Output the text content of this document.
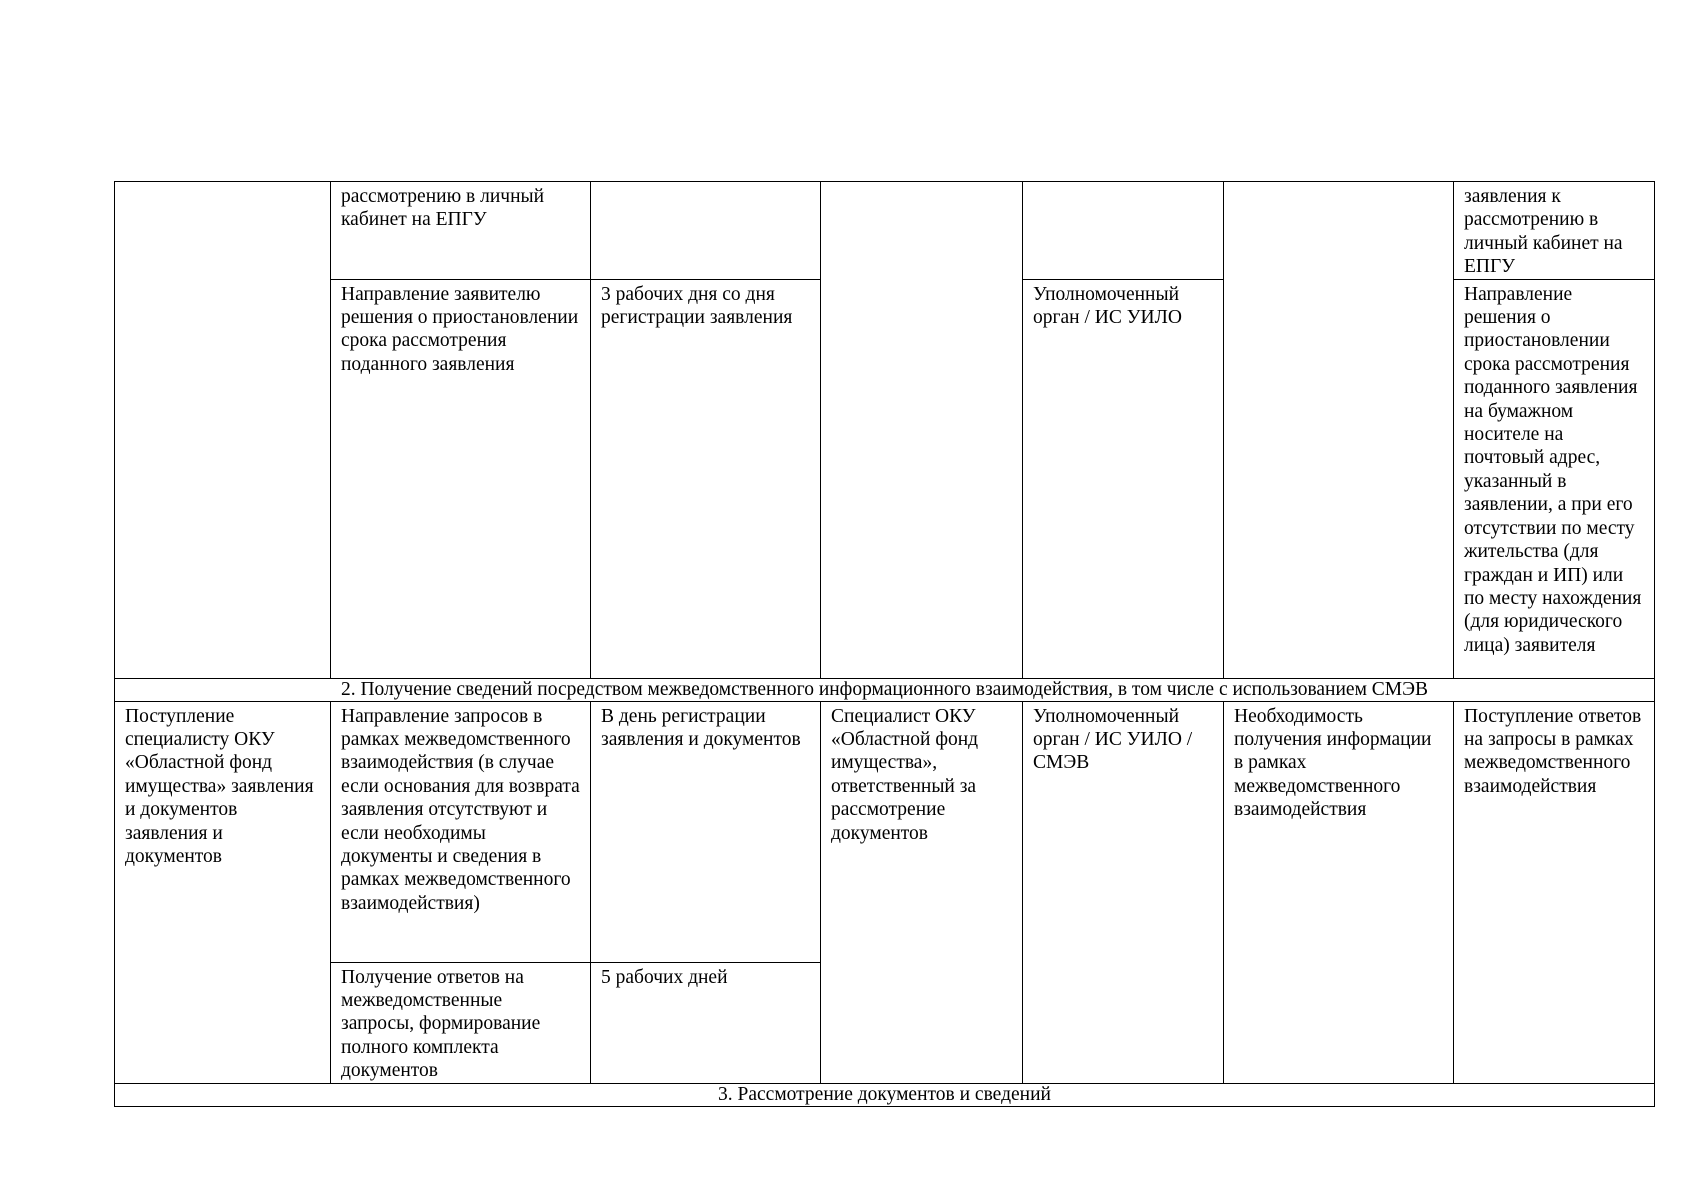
	рассмотрению в личный кабинет на ЕПГУ					заявления к рассмотрению в личный кабинет на ЕПГУ

	Направление заявителю решения о приостановлении срока рассмотрения поданного заявления	3 рабочих дня со дня регистрации заявления		Уполномоченный орган / ИС УИЛО		Направление решения о приостановлении срока рассмотрения поданного заявления на бумажном носителе на почтовый адрес, указанный в заявлении, а при его отсутствии по месту жительства (для граждан и ИП) или по месту нахождения (для юридического лица) заявителя

2. Получение сведений посредством межведомственного информационного взаимодействия, в том числе с использованием СМЭВ						

Поступление специалисту ОКУ «Областной фонд имущества» заявления и документов заявления и документов	Направление запросов в рамках межведомственного взаимодействия (в случае если основания для возврата заявления отсутствуют и если необходимы документы и сведения в рамках межведомственного взаимодействия)	В день регистрации заявления и документов	Специалист ОКУ «Областной фонд имущества», ответственный за рассмотрение документов	Уполномоченный орган / ИС УИЛО / СМЭВ	Необходимость получения информации в рамках межведомственного взаимодействия	Поступление ответов на запросы в рамках межведомственного взаимодействия

	Получение ответов на межведомственные запросы, формирование полного комплекта документов	5 рабочих дней				

3. Рассмотрение документов и сведений						
